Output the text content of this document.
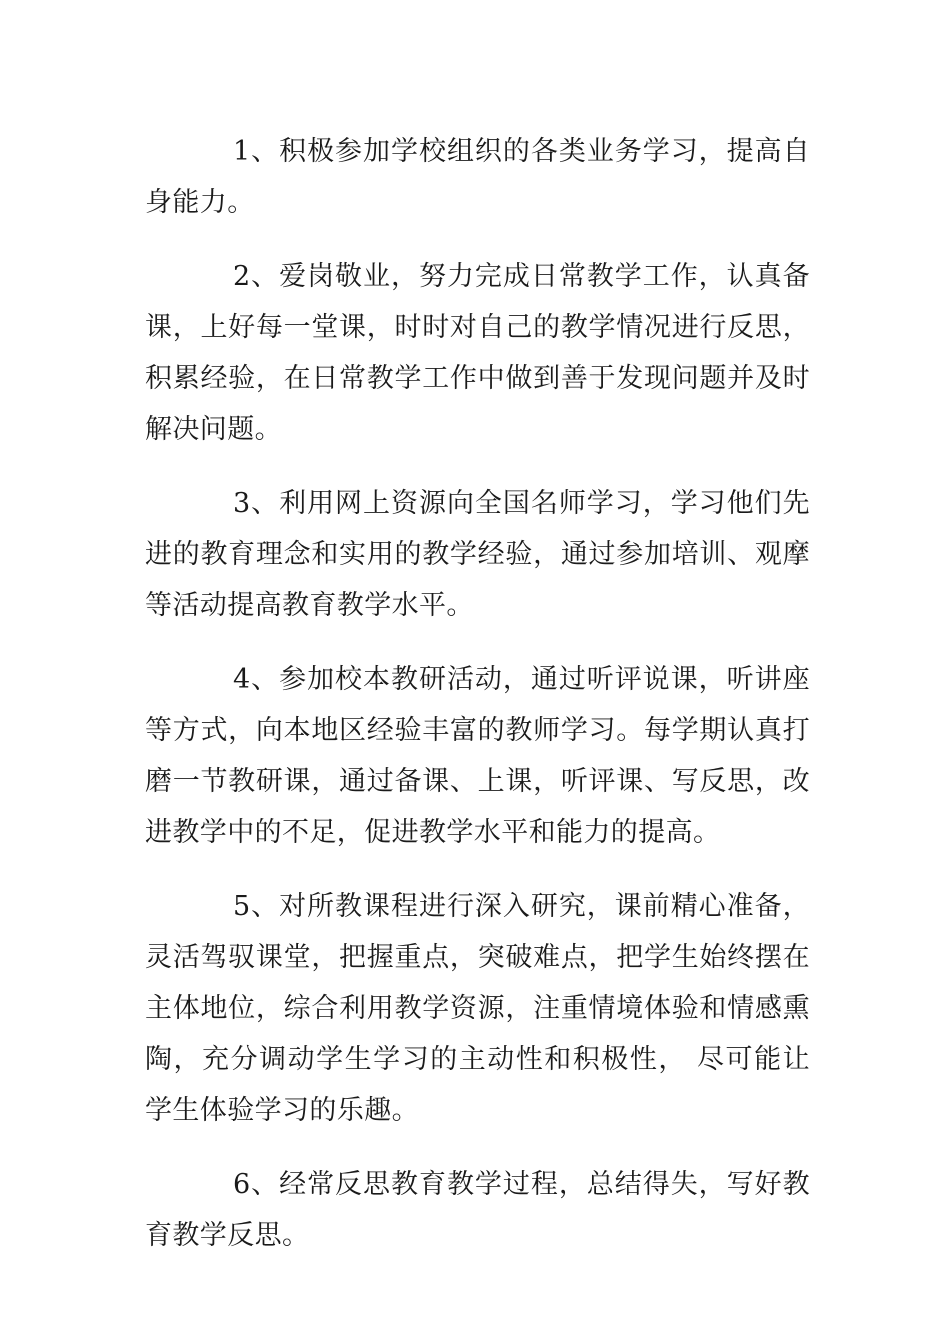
1、积极参加学校组织的各类业务学习，提高自身能力。

2、爱岗敬业，努力完成日常教学工作，认真备课，上好每一堂课，时时对自己的教学情况进行反思，积累经验，在日常教学工作中做到善于发现问题并及时解决问题。

3、利用网上资源向全国名师学习，学习他们先进的教育理念和实用的教学经验，通过参加培训、观摩等活动提高教育教学水平。

4、参加校本教研活动，通过听评说课，听讲座等方式，向本地区经验丰富的教师学习。每学期认真打磨一节教研课，通过备课、上课，听评课、写反思，改进教学中的不足，促进教学水平和能力的提高。

5、对所教课程进行深入研究，课前精心准备，灵活驾驭课堂，把握重点，突破难点，把学生始终摆在主体地位，综合利用教学资源，注重情境体验和情感熏陶，充分调动学生学习的主动性和积极性， 尽可能让学生体验学习的乐趣。

6、经常反思教育教学过程，总结得失，写好教育教学反思。
